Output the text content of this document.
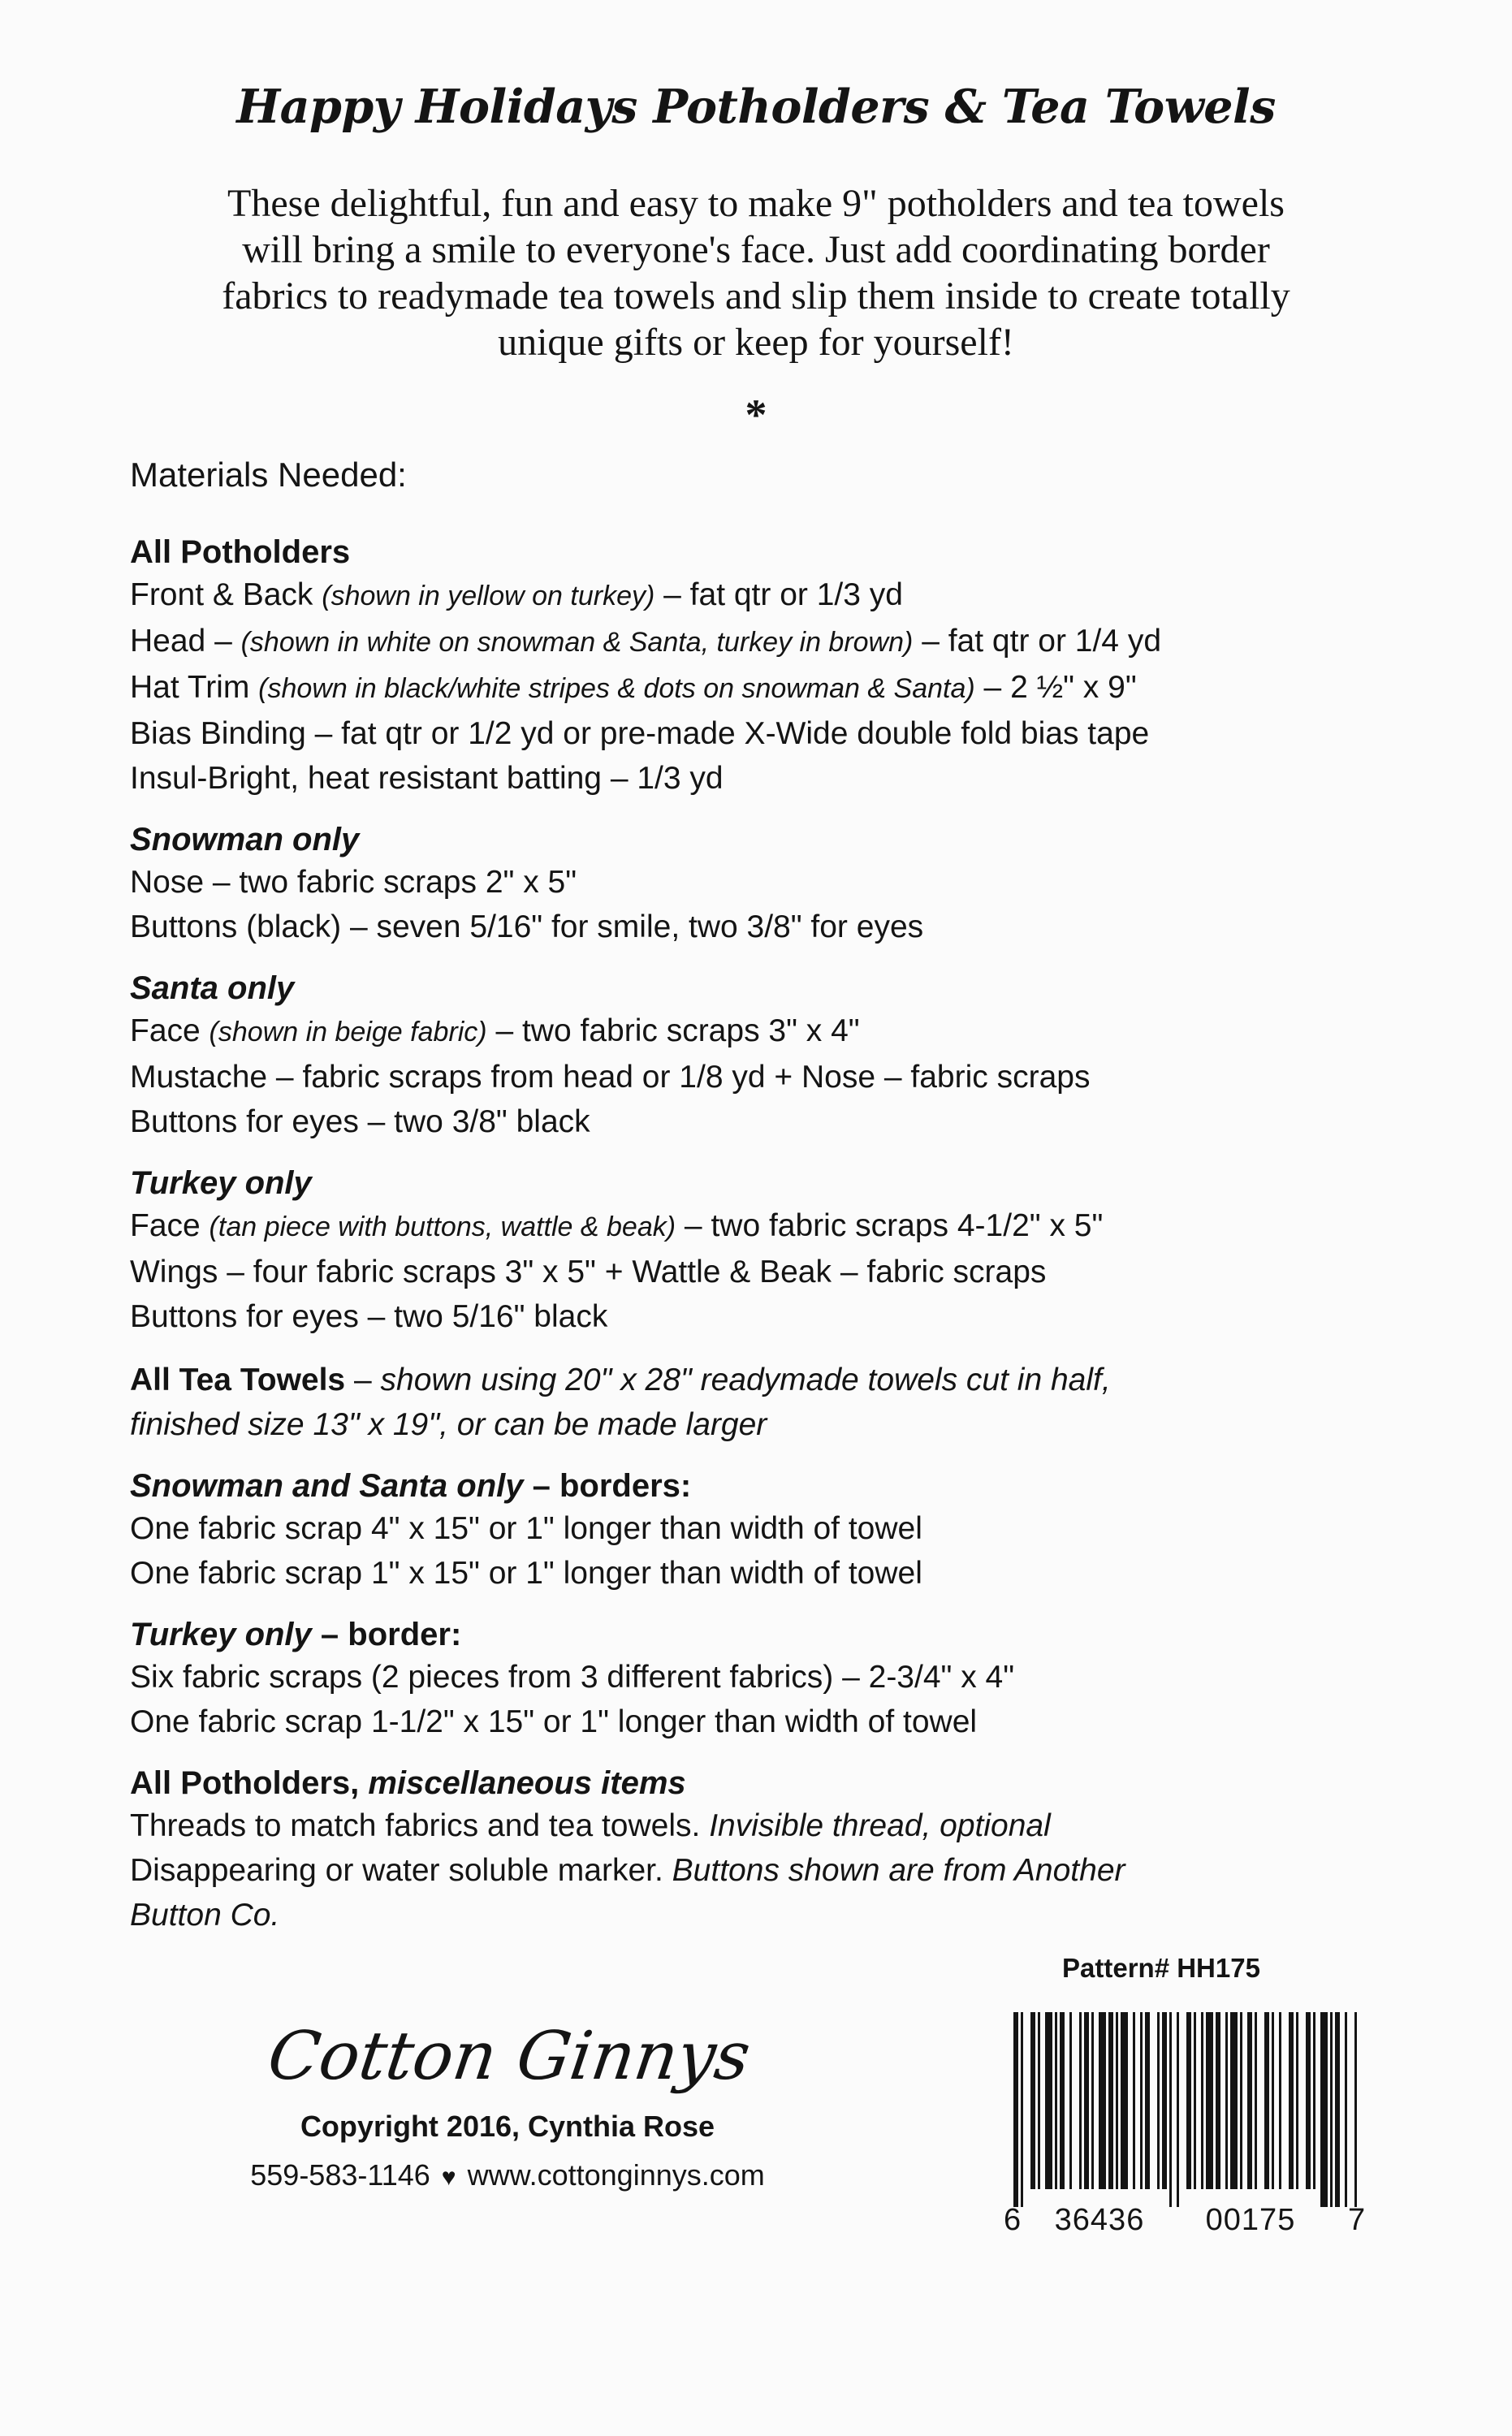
Happy Holidays Potholders & Tea Towels
These delightful, fun and easy to make 9" potholders and tea towels
will bring a smile to everyone's face. Just add coordinating border
fabrics to readymade tea towels and slip them inside to create totally
unique gifts or keep for yourself!
*
Materials Needed:
All Potholders
Front & Back (shown in yellow on turkey) – fat qtr or 1/3 yd
Head – (shown in white on snowman & Santa, turkey in brown) – fat qtr or 1/4 yd
Hat Trim (shown in black/white stripes & dots on snowman & Santa) – 2 ½" x 9"
Bias Binding – fat qtr or 1/2 yd or pre-made X-Wide double fold bias tape
Insul-Bright, heat resistant batting – 1/3 yd
Snowman only
Nose – two fabric scraps 2" x 5"
Buttons (black) – seven 5/16" for smile, two 3/8" for eyes
Santa only
Face (shown in beige fabric) – two fabric scraps 3" x 4"
Mustache – fabric scraps from head or 1/8 yd + Nose – fabric scraps
Buttons for eyes – two 3/8" black
Turkey only
Face (tan piece with buttons, wattle & beak) – two fabric scraps 4-1/2" x 5"
Wings – four fabric scraps 3" x 5" + Wattle & Beak – fabric scraps
Buttons for eyes – two 5/16" black
All Tea Towels – shown using 20" x 28" readymade towels cut in half,
finished size 13" x 19", or can be made larger
Snowman and Santa only – borders:
One fabric scrap 4" x 15" or 1" longer than width of towel
One fabric scrap 1" x 15" or 1" longer than width of towel
Turkey only – border:
Six fabric scraps (2 pieces from 3 different fabrics) – 2-3/4" x 4"
One fabric scrap 1-1/2" x 15" or 1" longer than width of towel
All Potholders, miscellaneous items
Threads to match fabrics and tea towels. Invisible thread, optional
Disappearing or water soluble marker. Buttons shown are from Another
Button Co.
Pattern# HH175
Cotton Ginnys
Copyright 2016, Cynthia Rose
559-583-1146 ♥ www.cottonginnys.com
6 36436 00175 7
